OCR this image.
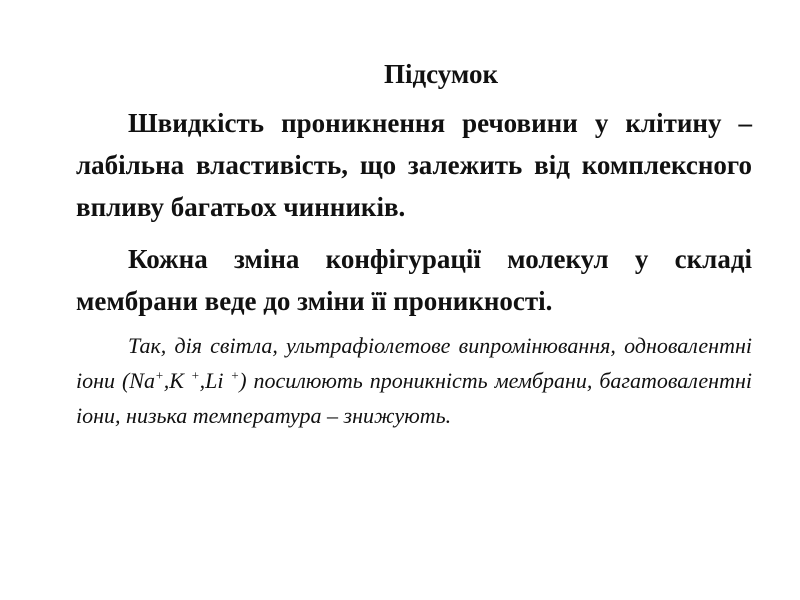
Підсумок

Швидкість проникнення речовини у клітину – лабільна властивість, що залежить від комплексного впливу багатьох чинників.

Кожна зміна конфігурації молекул у складі мембрани веде до зміни її проникності.

Так, дія світла, ультрафіолетове випромінювання, одновалентні іони (Na+,K +,Li +) посилюють проникність мембрани, багатовалентні іони, низька температура – знижують.
